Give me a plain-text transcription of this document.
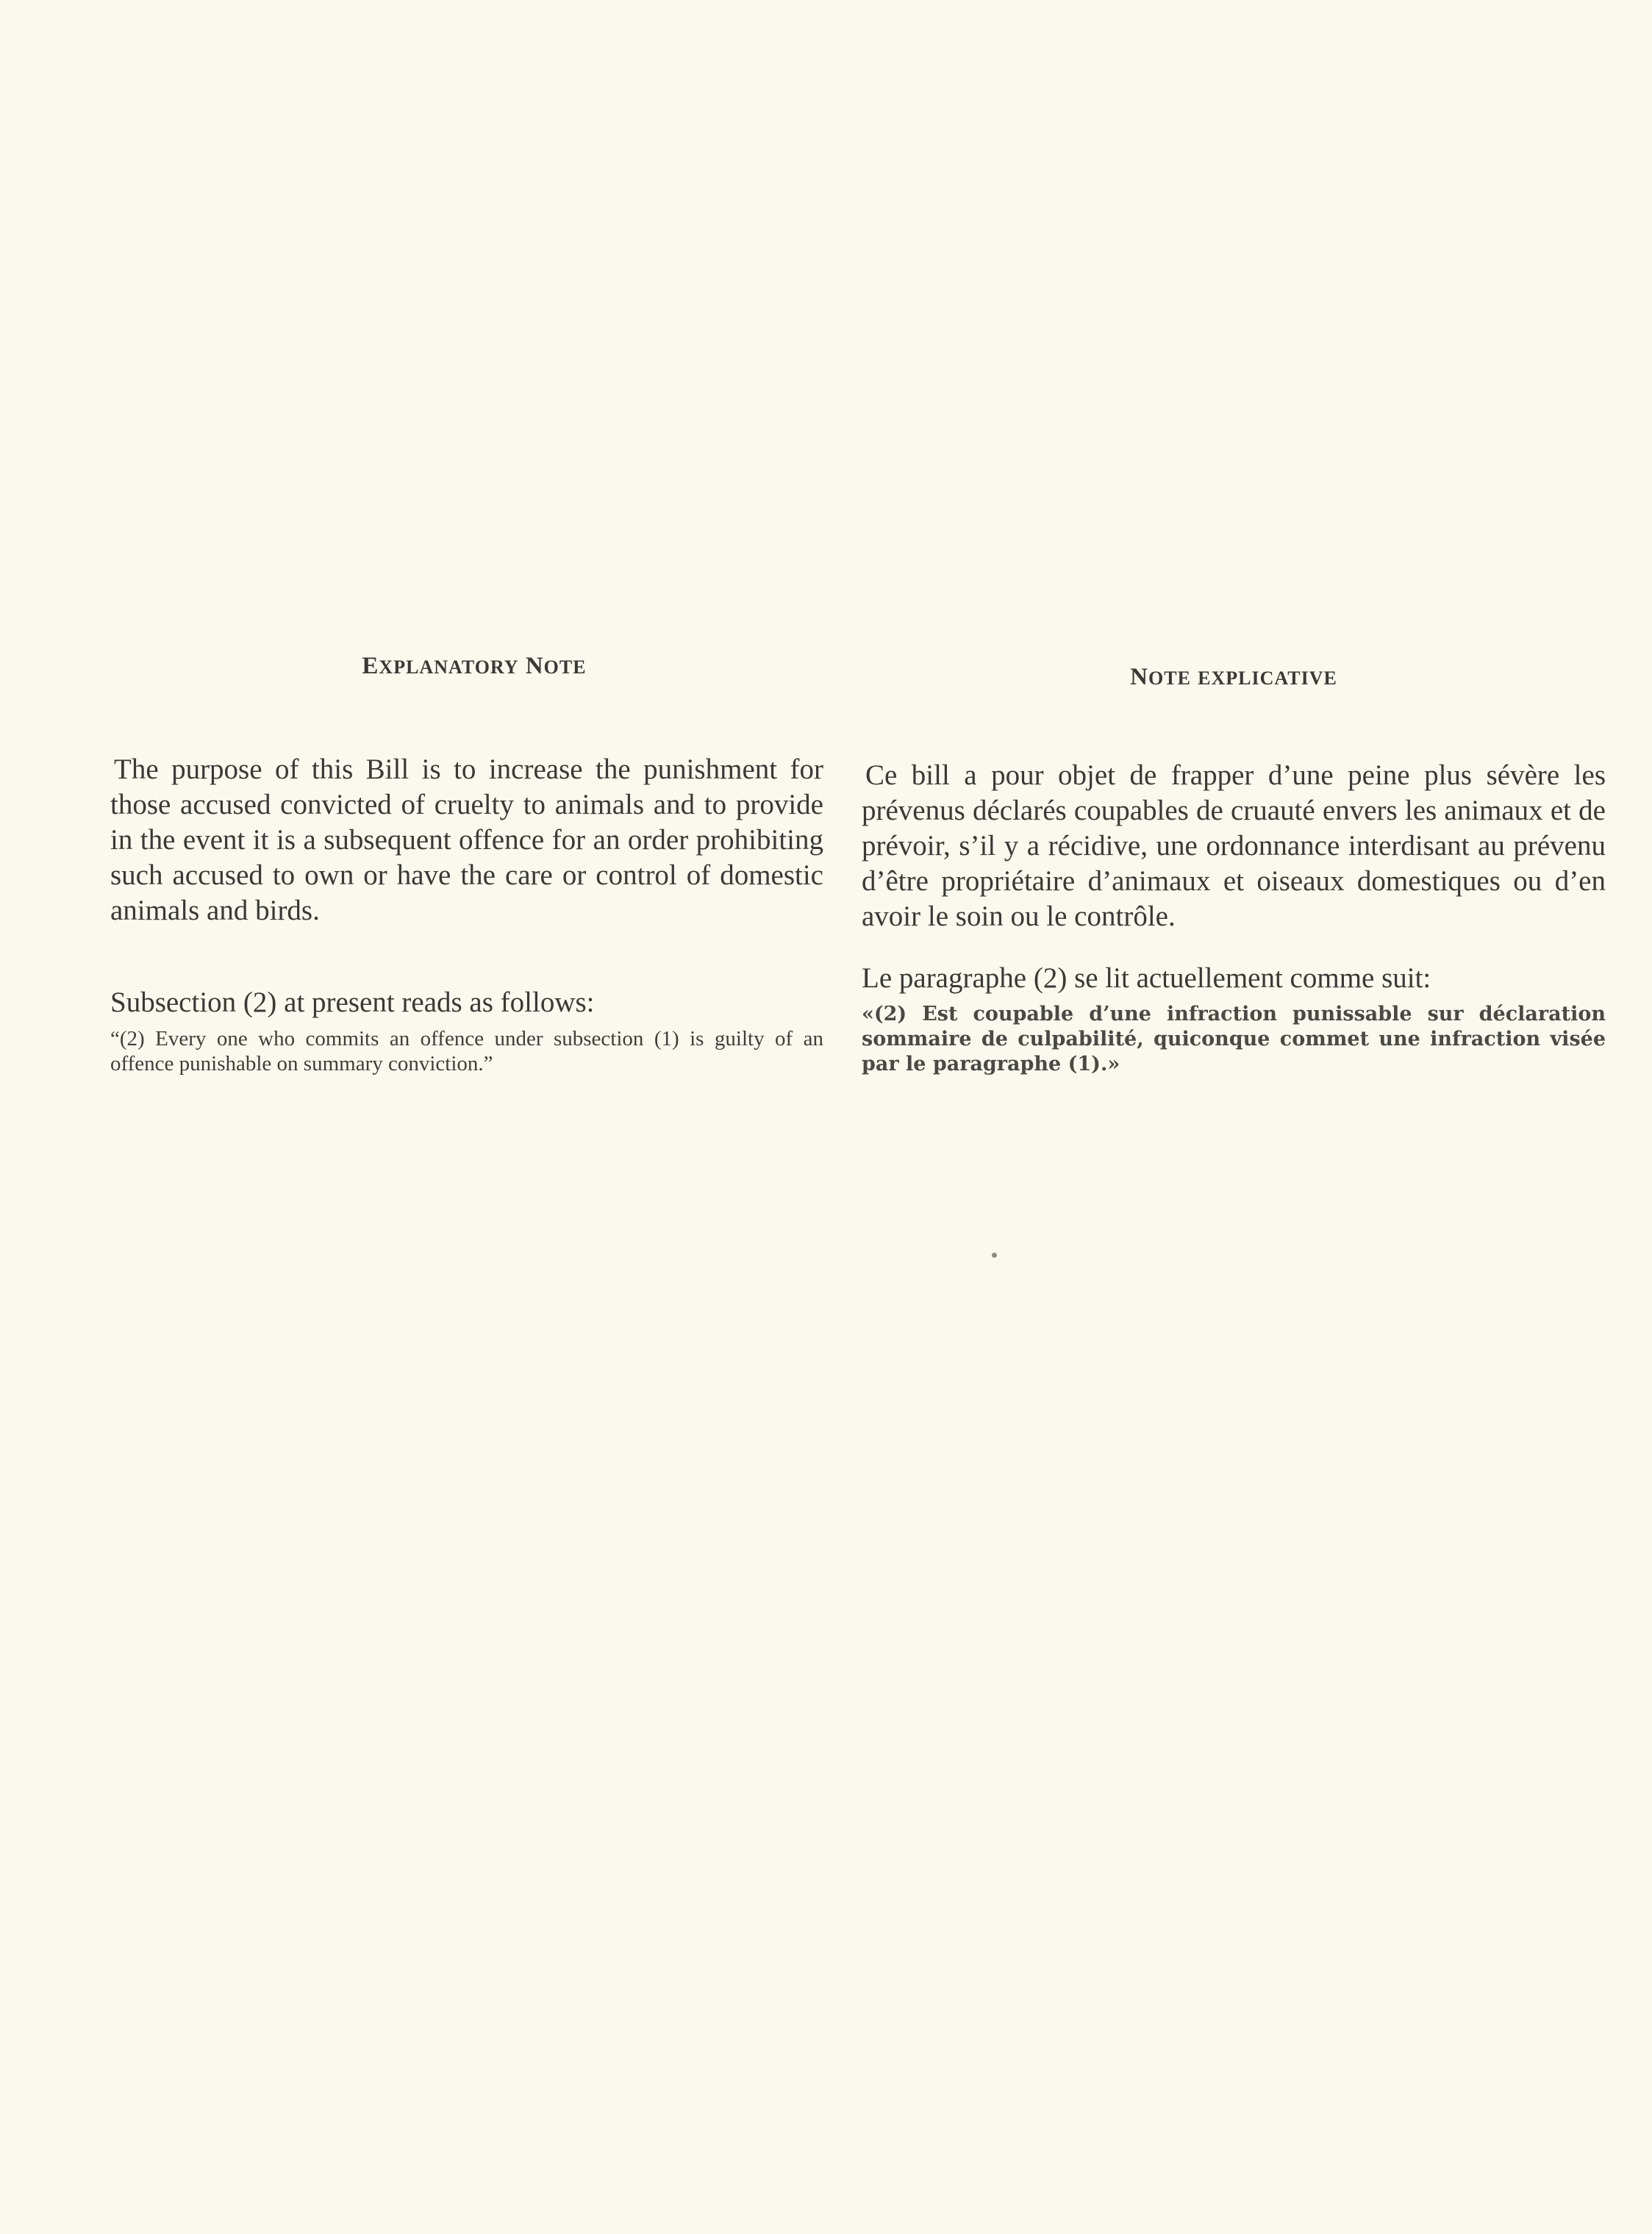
EXPLANATORY NOTE

The purpose of this Bill is to increase the punishment for those accused convicted of cruelty to animals and to provide in the event it is a subsequent offence for an order prohibiting such accused to own or have the care or control of domestic animals and birds.

Subsection (2) at present reads as follows:

“(2) Every one who commits an offence under subsection (1) is guilty of an offence punishable on summary conviction.”

NOTE EXPLICATIVE

Ce bill a pour objet de frapper d’une peine plus sévère les prévenus déclarés coupables de cruauté envers les animaux et de prévoir, s’il y a récidive, une ordonnance interdisant au prévenu d’être propriétaire d’animaux et oiseaux domestiques ou d’en avoir le soin ou le contrôle.

Le paragraphe (2) se lit actuellement comme suit:

«(2) Est coupable d’une infraction punissable sur déclaration sommaire de culpabilité, quiconque commet une infraction visée par le paragraphe (1).»
